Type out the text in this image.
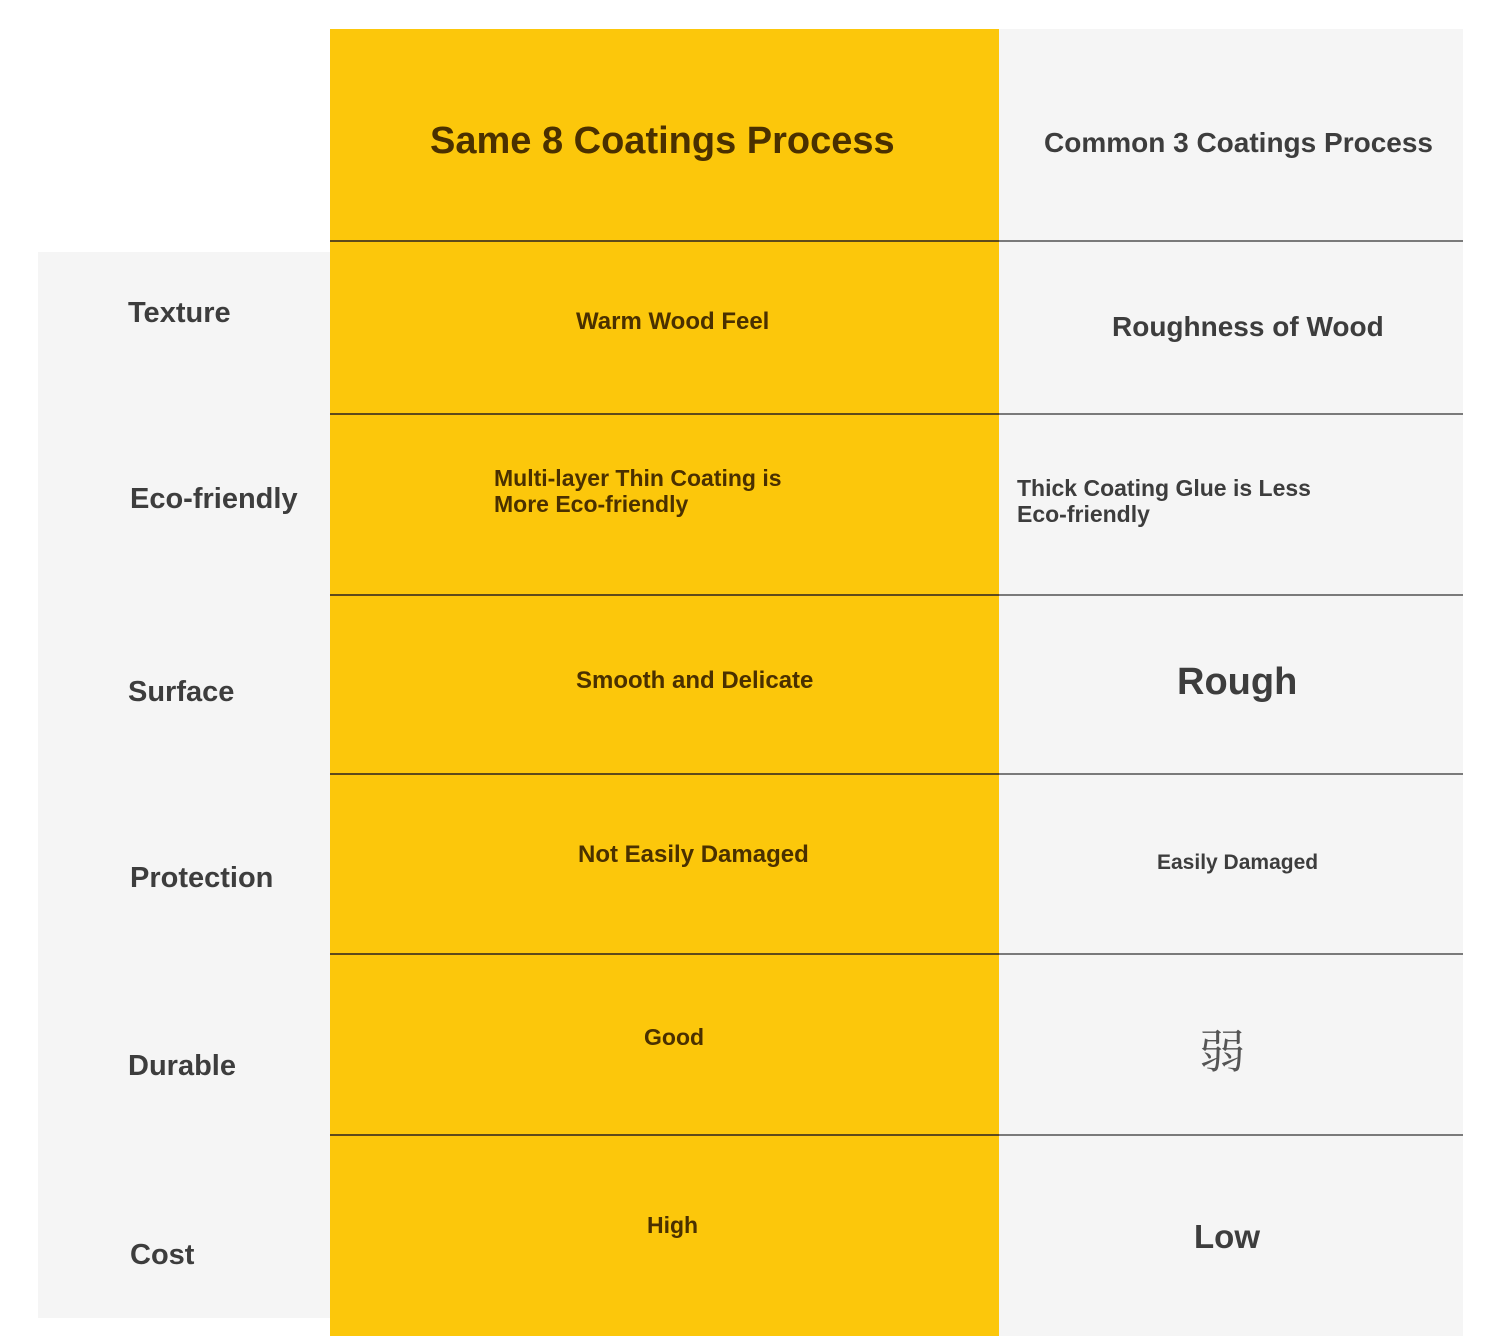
Same 8 Coatings Process	Common 3 Coatings Process
Texture
Eco-friendly
Surface
Protection
Durable
Cost
Warm Wood Feel
Multi-layer Thin Coating is More Eco-friendly
Smooth and Delicate
Not Easily Damaged
Good
High
Roughness of Wood
Thick Coating Glue is Less Eco-friendly
Rough
Easily Damaged
弱
Low
